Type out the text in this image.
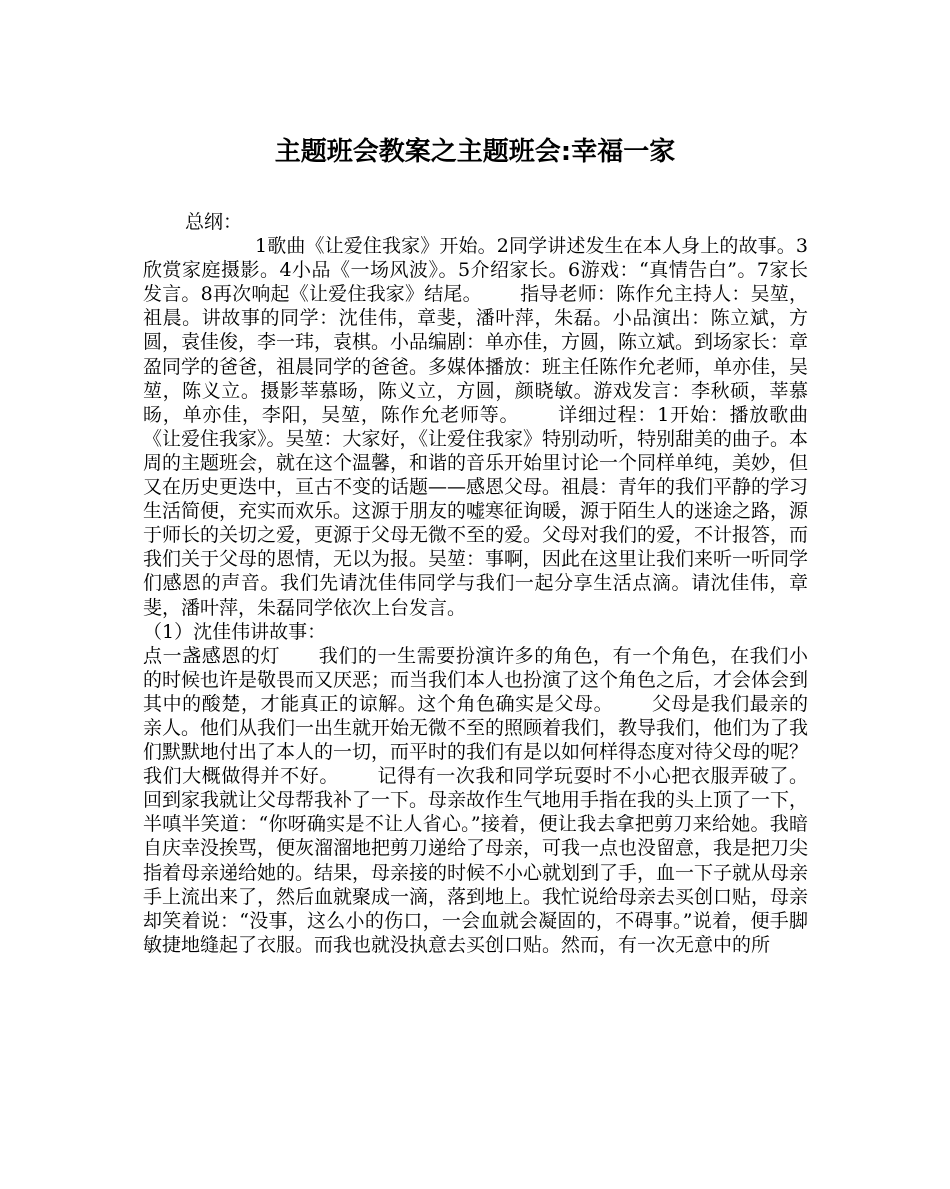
主题班会教案之主题班会:幸福一家
总纲：
1歌曲《让爱住我家》开始。2同学讲述发生在本人身上的故事。3欣赏家庭摄影。4小品《一场风波》。5介绍家长。6游戏：“真情告白”。7家长发言。8再次响起《让爱住我家》结尾。 指导老师：陈作允主持人：吴堃，祖晨。讲故事的同学：沈佳伟，章斐，潘叶萍，朱磊。小品演出：陈立斌，方圆，袁佳俊，李一玮，袁棋。小品编剧：单亦佳，方圆，陈立斌。到场家长：章盈同学的爸爸，祖晨同学的爸爸。多媒体播放：班主任陈作允老师，单亦佳，吴堃，陈义立。摄影莘慕旸，陈义立，方圆，颜晓敏。游戏发言：李秋硕，莘慕旸，单亦佳，李阳，吴堃，陈作允老师等。 详细过程：1开始：播放歌曲《让爱住我家》。吴堃：大家好，《让爱住我家》特别动听，特别甜美的曲子。本周的主题班会，就在这个温馨，和谐的音乐开始里讨论一个同样单纯，美妙，但又在历史更迭中，亘古不变的话题——感恩父母。祖晨：青年的我们平静的学习生活简便，充实而欢乐。这源于朋友的嘘寒征询暖，源于陌生人的迷途之路，源于师长的关切之爱，更源于父母无微不至的爱。父母对我们的爱，不计报答，而我们关于父母的恩情，无以为报。吴堃：事啊，因此在这里让我们来听一听同学们感恩的声音。我们先请沈佳伟同学与我们一起分享生活点滴。请沈佳伟，章斐，潘叶萍，朱磊同学依次上台发言。
（1）沈佳伟讲故事：
点一盏感恩的灯 我们的一生需要扮演许多的角色，有一个角色，在我们小的时候也许是敬畏而又厌恶；而当我们本人也扮演了这个角色之后，才会体会到其中的酸楚，才能真正的谅解。这个角色确实是父母。 父母是我们最亲的亲人。他们从我们一出生就开始无微不至的照顾着我们，教导我们，他们为了我们默默地付出了本人的一切，而平时的我们有是以如何样得态度对待父母的呢？我们大概做得并不好。 记得有一次我和同学玩耍时不小心把衣服弄破了。回到家我就让父母帮我补了一下。母亲故作生气地用手指在我的头上顶了一下，半嗔半笑道：“你呀确实是不让人省心。”接着，便让我去拿把剪刀来给她。我暗自庆幸没挨骂，便灰溜溜地把剪刀递给了母亲，可我一点也没留意，我是把刀尖指着母亲递给她的。结果，母亲接的时候不小心就划到了手，血一下子就从母亲手上流出来了，然后血就聚成一滴，落到地上。我忙说给母亲去买创口贴，母亲却笑着说：“没事，这么小的伤口，一会血就会凝固的，不碍事。”说着，便手脚敏捷地缝起了衣服。而我也就没执意去买创口贴。然而，有一次无意中的所
